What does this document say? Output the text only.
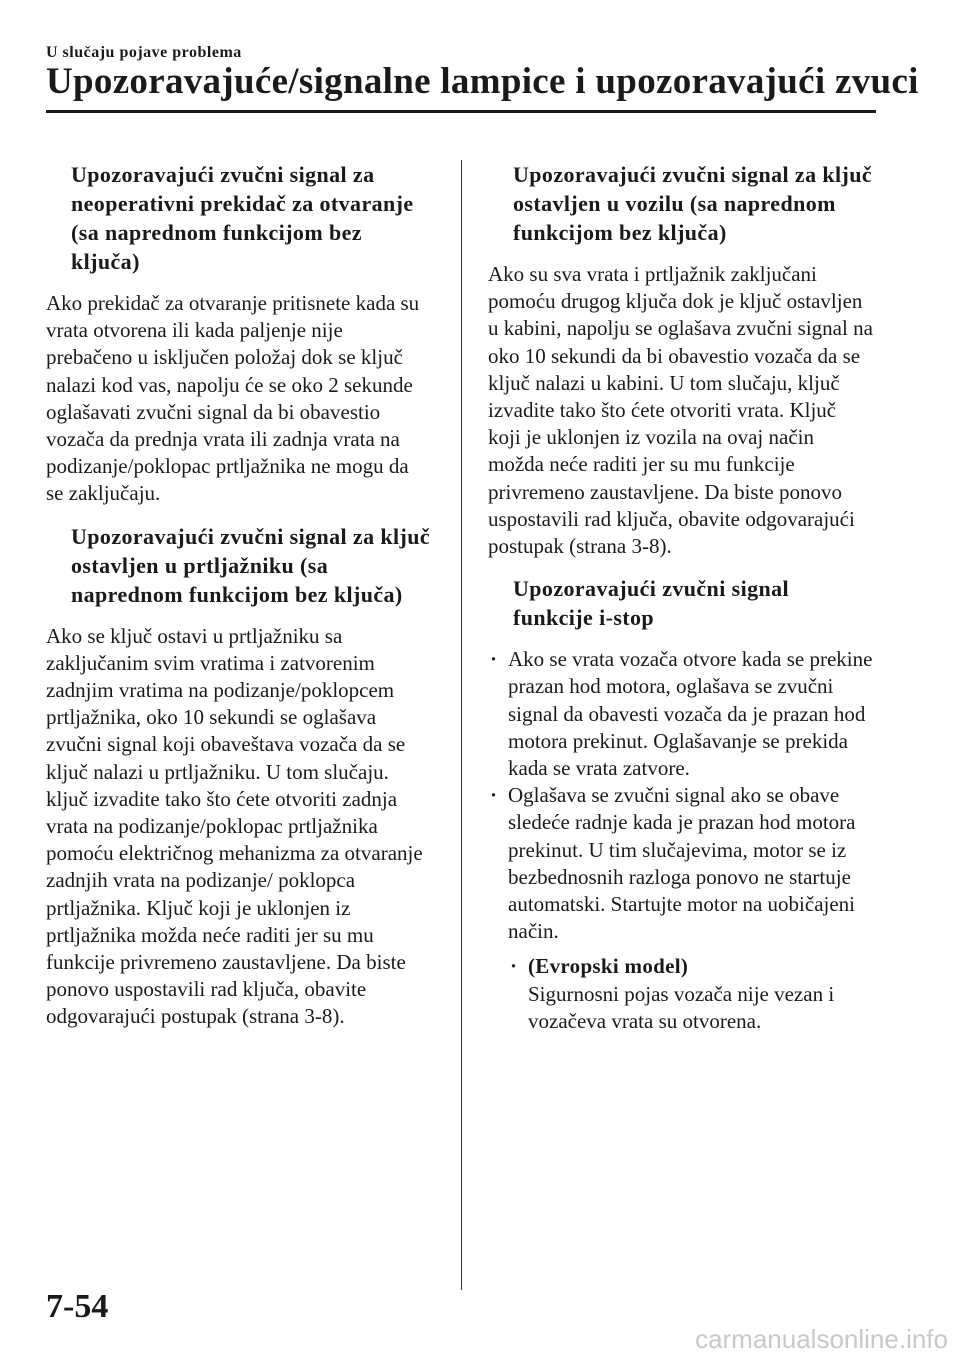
U slučaju pojave problema
Upozoravajuće/signalne lampice i upozoravajući zvuci
Upozoravajući zvučni signal za neoperativni prekidač za otvaranje (sa naprednom funkcijom bez ključa)
Ako prekidač za otvaranje pritisnete kada su vrata otvorena ili kada paljenje nije prebačeno u isključen položaj dok se ključ nalazi kod vas, napolju će se oko 2 sekunde oglašavati zvučni signal da bi obavestio vozača da prednja vrata ili zadnja vrata na podizanje/poklopac prtljažnika ne mogu da se zaključaju.
Upozoravajući zvučni signal za ključ ostavljen u prtljažniku (sa naprednom funkcijom bez ključa)
Ako se ključ ostavi u prtljažniku sa zaključanim svim vratima i zatvorenim zadnjim vratima na podizanje/poklopcem prtljažnika, oko 10 sekundi se oglašava zvučni signal koji obaveštava vozača da se ključ nalazi u prtljažniku. U tom slučaju. ključ izvadite tako što ćete otvoriti zadnja vrata na podizanje/poklopac prtljažnika pomoću električnog mehanizma za otvaranje zadnjih vrata na podizanje/ poklopca prtljažnika. Ključ koji je uklonjen iz prtljažnika možda neće raditi jer su mu funkcije privremeno zaustavljene. Da biste ponovo uspostavili rad ključa, obavite odgovarajući postupak (strana 3-8).
Upozoravajući zvučni signal za ključ ostavljen u vozilu (sa naprednom funkcijom bez ključa)
Ako su sva vrata i prtljažnik zaključani pomoću drugog ključa dok je ključ ostavljen u kabini, napolju se oglašava zvučni signal na oko 10 sekundi da bi obavestio vozača da se ključ nalazi u kabini. U tom slučaju, ključ izvadite tako što ćete otvoriti vrata. Ključ koji je uklonjen iz vozila na ovaj način možda neće raditi jer su mu funkcije privremeno zaustavljene. Da biste ponovo uspostavili rad ključa, obavite odgovarajući postupak (strana 3-8).
Upozoravajući zvučni signal funkcije i-stop
· Ako se vrata vozača otvore kada se prekine prazan hod motora, oglašava se zvučni signal da obavesti vozača da je prazan hod motora prekinut. Oglašavanje se prekida kada se vrata zatvore.
· Oglašava se zvučni signal ako se obave sledeće radnje kada je prazan hod motora prekinut. U tim slučajevima, motor se iz bezbednosnih razloga ponovo ne startuje automatski. Startujte motor na uobičajeni način.
· (Evropski model)
Sigurnosni pojas vozača nije vezan i vozačeva vrata su otvorena.
7-54
carmanualsonline.info
